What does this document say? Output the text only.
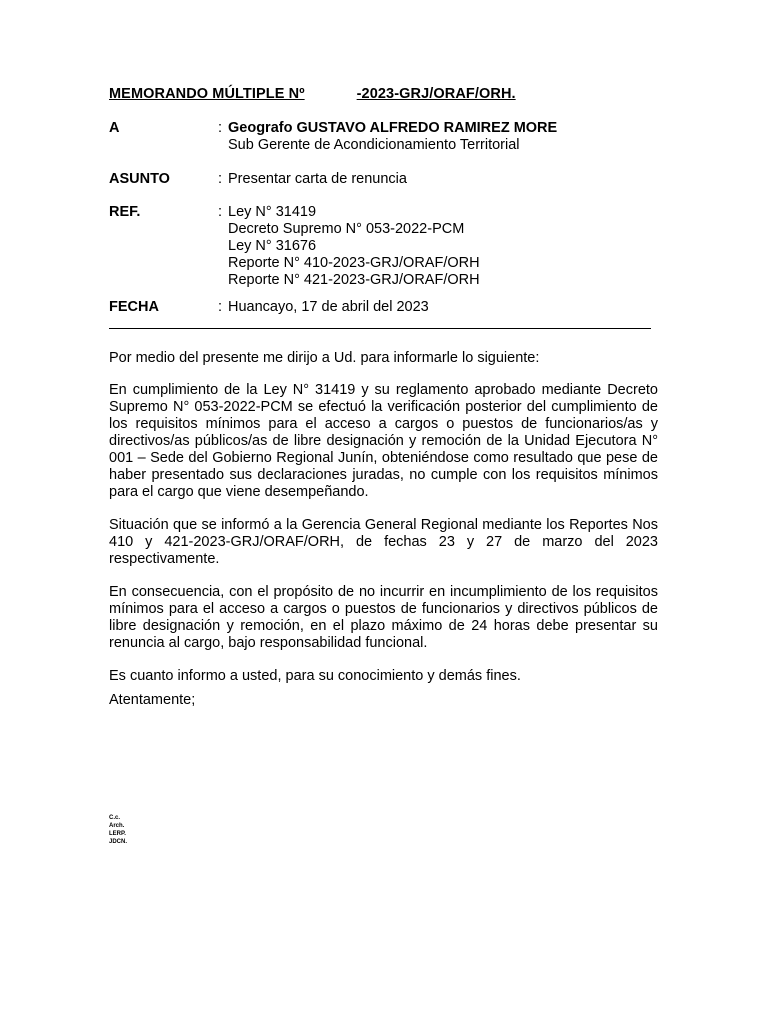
MEMORANDO MÚLTIPLE Nº	-2023-GRJ/ORAF/ORH.
A	: Geografo GUSTAVO ALFREDO RAMIREZ MORE
Sub Gerente de Acondicionamiento Territorial
ASUNTO	: Presentar carta de renuncia
REF.	: Ley N° 31419
Decreto Supremo N° 053-2022-PCM
Ley N° 31676
Reporte N° 410-2023-GRJ/ORAF/ORH
Reporte N° 421-2023-GRJ/ORAF/ORH
FECHA	: Huancayo, 17 de abril del 2023
Por medio del presente me dirijo a Ud. para informarle lo siguiente:
En cumplimiento de la Ley N° 31419 y su reglamento aprobado mediante Decreto Supremo N° 053-2022-PCM se efectuó la verificación posterior del cumplimiento de los requisitos mínimos para el acceso a cargos o puestos de funcionarios/as y directivos/as públicos/as de libre designación y remoción de la Unidad Ejecutora N° 001 – Sede del Gobierno Regional Junín, obteniéndose como resultado que pese de haber presentado sus declaraciones juradas, no cumple con los requisitos mínimos para el cargo que viene desempeñando.
Situación que se informó a la Gerencia General Regional mediante los Reportes Nos 410 y 421-2023-GRJ/ORAF/ORH, de fechas 23 y 27 de marzo del 2023 respectivamente.
En consecuencia, con el propósito de no incurrir en incumplimiento de los requisitos mínimos para el acceso a cargos o puestos de funcionarios y directivos públicos de libre designación y remoción, en el plazo máximo de 24 horas debe presentar su renuncia al cargo, bajo responsabilidad funcional.
Es cuanto informo a usted, para su conocimiento y demás fines.
Atentamente;
C.c.
Arch.
LERP.
JDCN.
